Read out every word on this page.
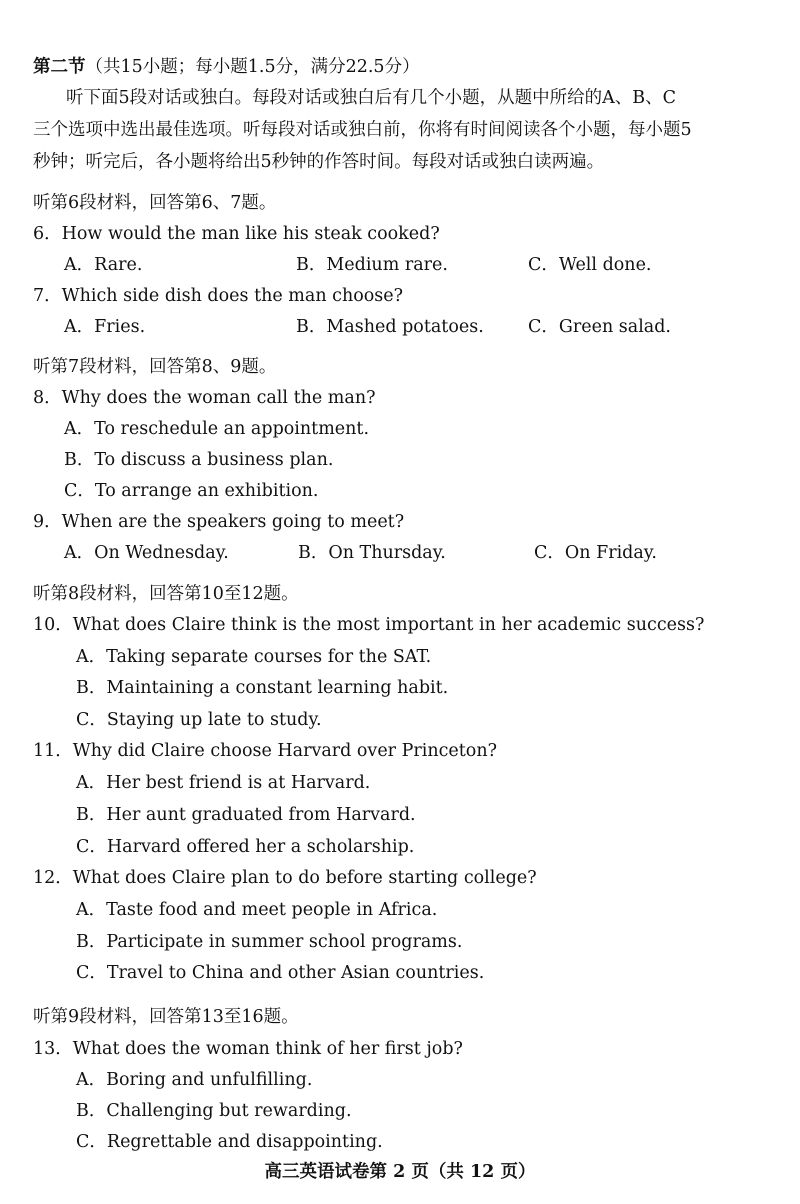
第二节（共15小题；每小题1.5分，满分22.5分）
听下面5段对话或独白。每段对话或独白后有几个小题，从题中所给的A、B、C
三个选项中选出最佳选项。听每段对话或独白前，你将有时间阅读各个小题，每小题5
秒钟；听完后，各小题将给出5秒钟的作答时间。每段对话或独白读两遍。
听第6段材料，回答第6、7题。
6．How would the man like his steak cooked?
A．Rare.	B．Medium rare.	C．Well done.
7．Which side dish does the man choose?
A．Fries.	B．Mashed potatoes.	C．Green salad.
听第7段材料，回答第8、9题。
8．Why does the woman call the man?
A．To reschedule an appointment.
B．To discuss a business plan.
C．To arrange an exhibition.
9．When are the speakers going to meet?
A．On Wednesday.	B．On Thursday.	C．On Friday.
听第8段材料，回答第10至12题。
10．What does Claire think is the most important in her academic success?
A．Taking separate courses for the SAT.
B．Maintaining a constant learning habit.
C．Staying up late to study.
11．Why did Claire choose Harvard over Princeton?
A．Her best friend is at Harvard.
B．Her aunt graduated from Harvard.
C．Harvard offered her a scholarship.
12．What does Claire plan to do before starting college?
A．Taste food and meet people in Africa.
B．Participate in summer school programs.
C．Travel to China and other Asian countries.
听第9段材料，回答第13至16题。
13．What does the woman think of her first job?
A．Boring and unfulfilling.
B．Challenging but rewarding.
C．Regrettable and disappointing.
高三英语试卷第 2 页（共 12 页）
